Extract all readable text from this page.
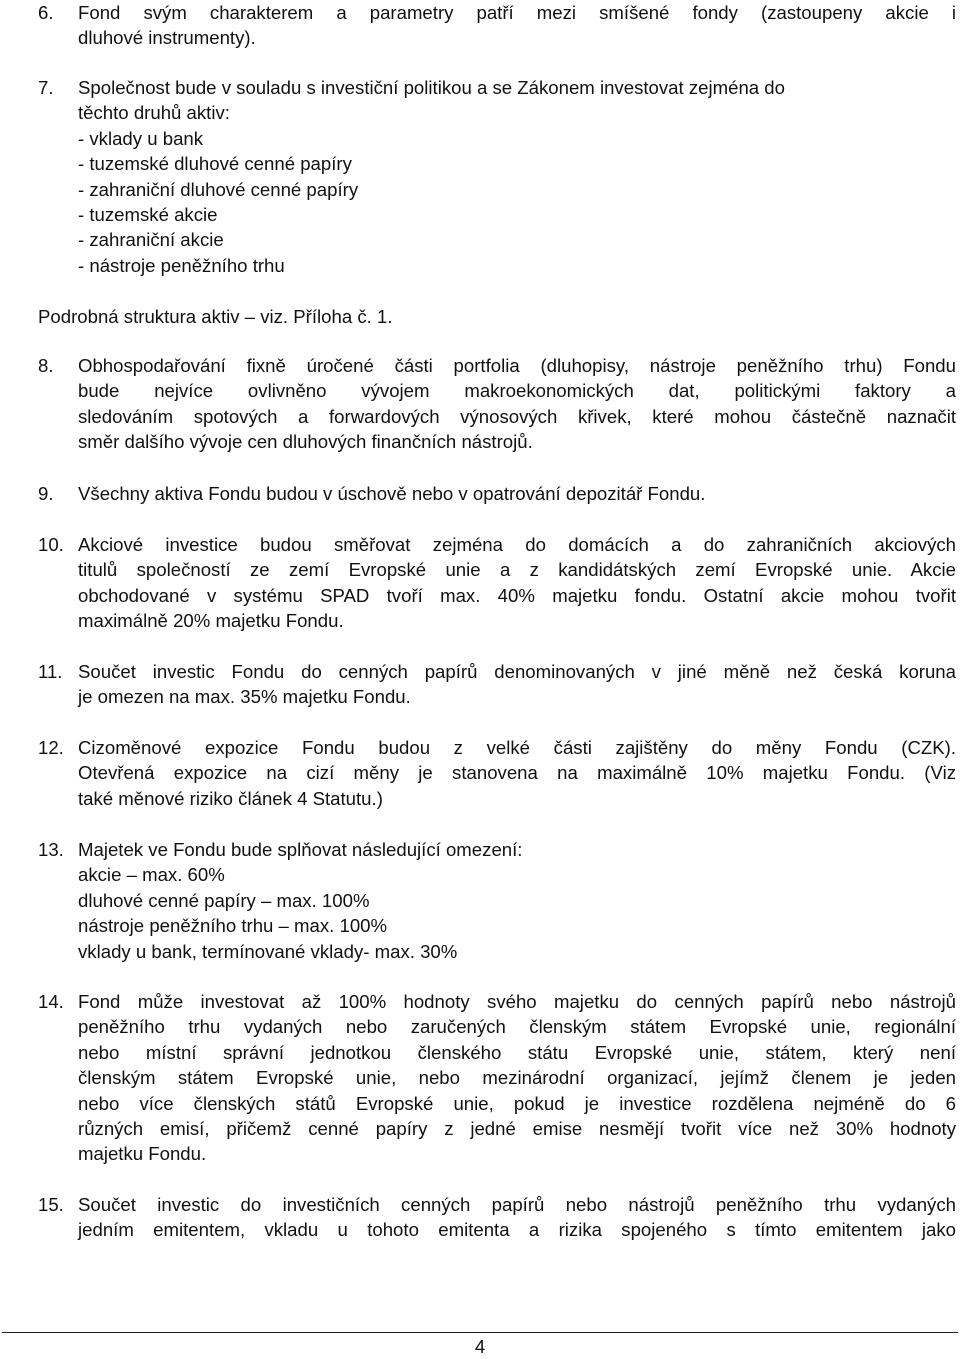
6. Fond svým charakterem a parametry patří mezi smíšené fondy (zastoupeny akcie i
dluhové instrumenty).
7. Společnost bude v souladu s investiční politikou a se Zákonem investovat zejména do
těchto druhů aktiv:
- vklady u bank
- tuzemské dluhové cenné papíry
- zahraniční dluhové cenné papíry
- tuzemské akcie
- zahraniční akcie
- nástroje peněžního trhu
Podrobná struktura aktiv – viz. Příloha č. 1.
8. Obhospodařování fixně úročené části portfolia (dluhopisy, nástroje peněžního trhu) Fondu
bude nejvíce ovlivněno vývojem makroekonomických dat, politickými faktory a
sledováním spotových a forwardových výnosových křivek, které mohou částečně naznačit
směr dalšího vývoje cen dluhových finančních nástrojů.
9. Všechny aktiva Fondu budou v úschově nebo v opatrování depozitář Fondu.
10. Akciové investice budou směřovat zejména do domácích a do zahraničních akciových
titulů společností ze zemí Evropské unie a z kandidátských zemí Evropské unie. Akcie
obchodované v systému SPAD tvoří max. 40% majetku fondu. Ostatní akcie mohou tvořit
maximálně 20% majetku Fondu.
11. Součet investic Fondu do cenných papírů denominovaných v jiné měně než česká koruna
je omezen na max. 35% majetku Fondu.
12. Cizoměnové expozice Fondu budou z velké části zajištěny do měny Fondu (CZK).
Otevřená expozice na cizí měny je stanovena na maximálně 10% majetku Fondu. (Viz
také měnové riziko článek 4 Statutu.)
13. Majetek ve Fondu bude splňovat následující omezení:
akcie – max. 60%
dluhové cenné papíry – max. 100%
nástroje peněžního trhu – max. 100%
vklady u bank, termínované vklady- max. 30%
14. Fond může investovat až 100% hodnoty svého majetku do cenných papírů nebo nástrojů
peněžního trhu vydaných nebo zaručených členským státem Evropské unie, regionální
nebo místní správní jednotkou členského státu Evropské unie, státem, který není
členským státem Evropské unie, nebo mezinárodní organizací, jejímž členem je jeden
nebo více členských států Evropské unie, pokud je investice rozdělena nejméně do 6
různých emisí, přičemž cenné papíry z jedné emise nesmějí tvořit více než 30% hodnoty
majetku Fondu.
15. Součet investic do investičních cenných papírů nebo nástrojů peněžního trhu vydaných
jedním emitentem, vkladu u tohoto emitenta a rizika spojeného s tímto emitentem jako
4
